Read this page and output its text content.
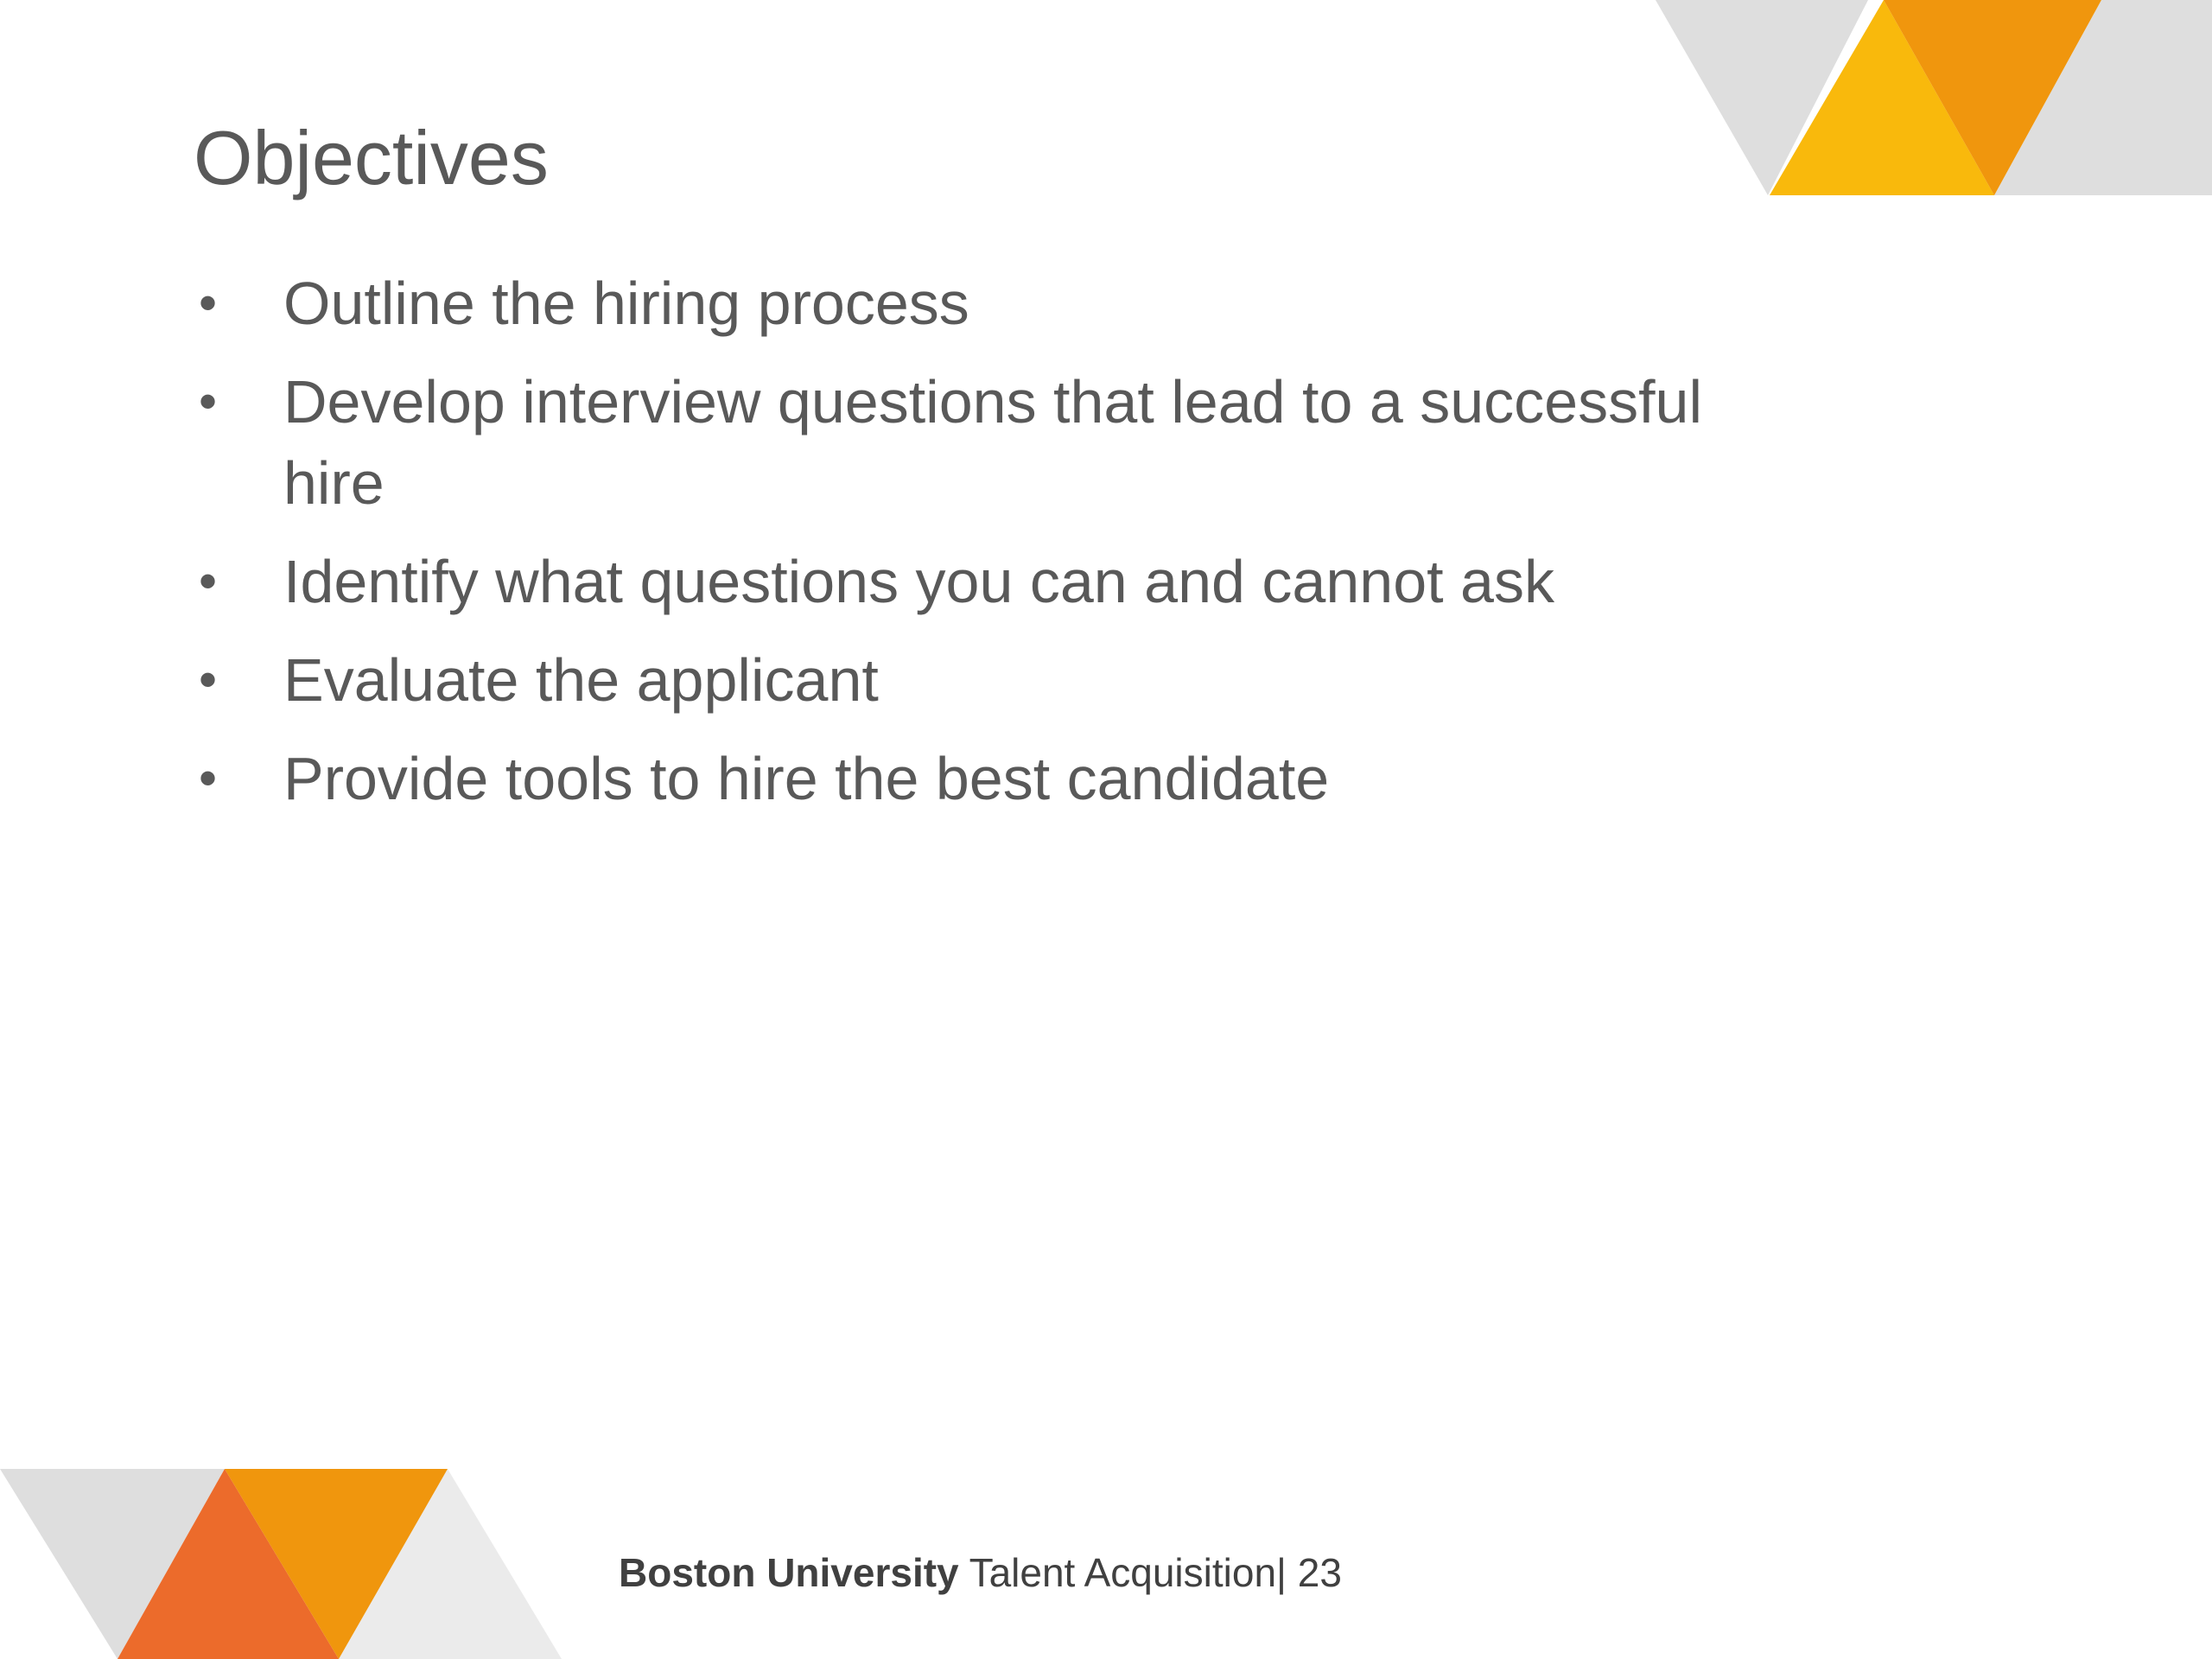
Objectives
• Outline the hiring process
• Develop interview questions that lead to a successful hire
• Identify what questions you can and cannot ask
• Evaluate the applicant
• Provide tools to hire the best candidate
Boston University Talent Acquisition| 23
